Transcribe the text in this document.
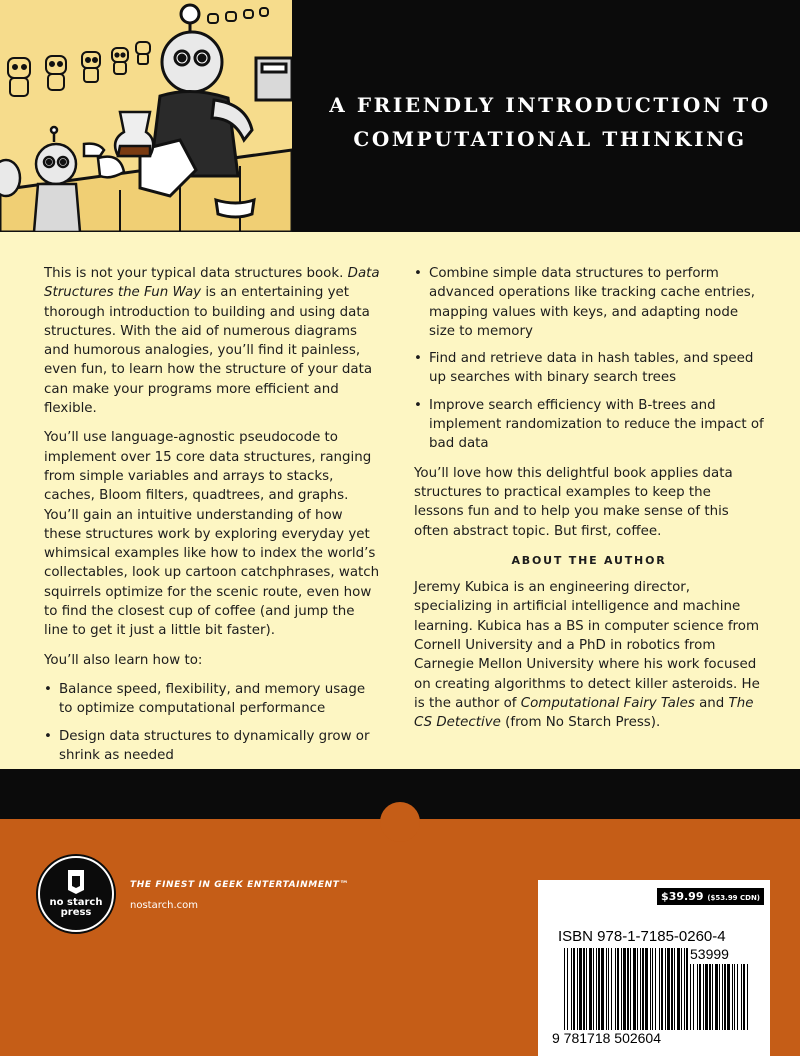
A FRIENDLY INTRODUCTION TO
COMPUTATIONAL THINKING

This is not your typical data structures book. Data Structures the Fun Way is an entertaining yet thorough introduction to building and using data structures. With the aid of numerous diagrams and humorous analogies, you’ll find it painless, even fun, to learn how the structure of your data can make your programs more efficient and flexible.

You’ll use language-agnostic pseudocode to implement over 15 core data structures, ranging from simple variables and arrays to stacks, caches, Bloom filters, quadtrees, and graphs. You’ll gain an intuitive understanding of how these structures work by exploring everyday yet whimsical examples like how to index the world’s collectables, look up cartoon catchphrases, watch squirrels optimize for the scenic route, even how to find the closest cup of coffee (and jump the line to get it just a little bit faster).

You’ll also learn how to:

• Balance speed, flexibility, and memory usage to optimize computational performance
• Design data structures to dynamically grow or shrink as needed
• Combine simple data structures to perform advanced operations like tracking cache entries, mapping values with keys, and adapting node size to memory
• Find and retrieve data in hash tables, and speed up searches with binary search trees
• Improve search efficiency with B-trees and implement randomization to reduce the impact of bad data

You’ll love how this delightful book applies data structures to practical examples to keep the lessons fun and to help you make sense of this often abstract topic. But first, coffee.

ABOUT THE AUTHOR

Jeremy Kubica is an engineering director, specializing in artificial intelligence and machine learning. Kubica has a BS in computer science from Cornell University and a PhD in robotics from Carnegie Mellon University where his work focused on creating algorithms to detect killer asteroids. He is the author of Computational Fairy Tales and The CS Detective (from No Starch Press).

no starch
press
THE FINEST IN GEEK ENTERTAINMENT™
nostarch.com
$39.99 ($53.99 CDN)
ISBN 978-1-7185-0260-4
53999
9 781718 502604
